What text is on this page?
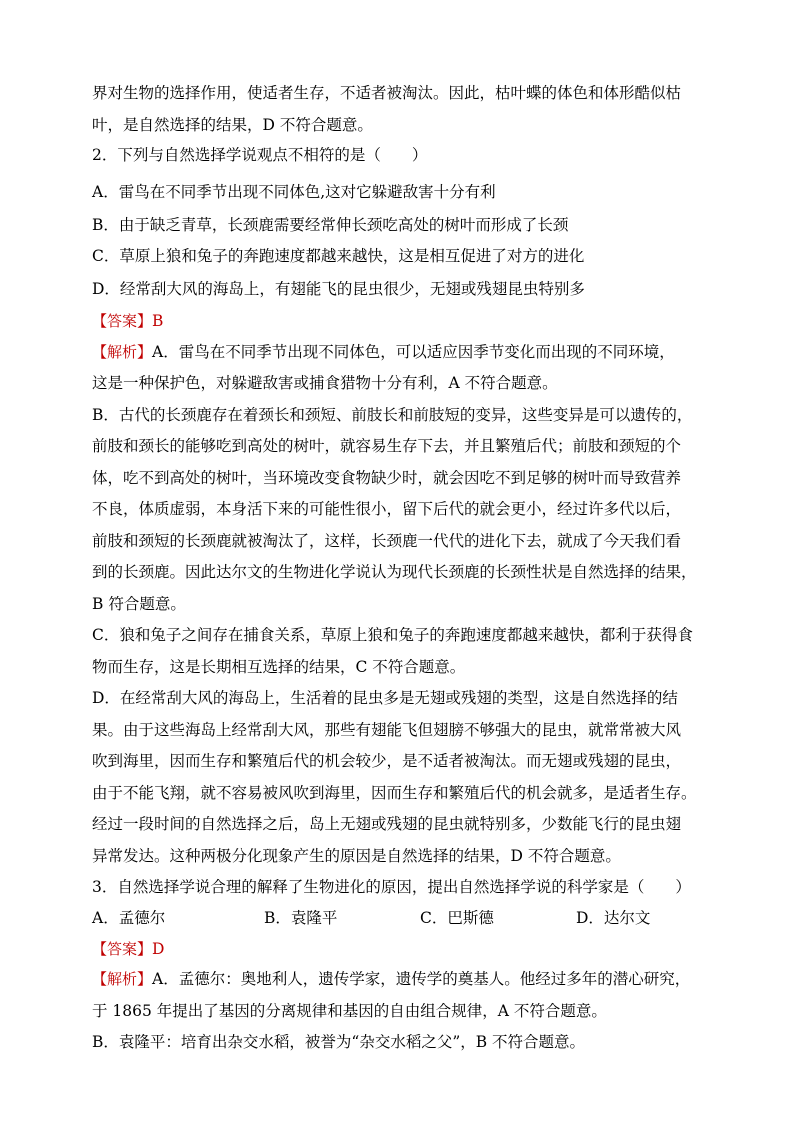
界对生物的选择作用，使适者生存，不适者被淘汰。因此，枯叶蝶的体色和体形酷似枯
叶，是自然选择的结果，D 不符合题意。
2．下列与自然选择学说观点不相符的是（　　）
A．雷鸟在不同季节出现不同体色,这对它躲避敌害十分有利
B．由于缺乏青草，长颈鹿需要经常伸长颈吃高处的树叶而形成了长颈
C．草原上狼和兔子的奔跑速度都越来越快，这是相互促进了对方的进化
D．经常刮大风的海岛上，有翅能飞的昆虫很少，无翅或残翅昆虫特别多
【答案】B
【解析】A．雷鸟在不同季节出现不同体色，可以适应因季节变化而出现的不同环境，
这是一种保护色，对躲避敌害或捕食猎物十分有利，A 不符合题意。
B．古代的长颈鹿存在着颈长和颈短、前肢长和前肢短的变异，这些变异是可以遗传的，
前肢和颈长的能够吃到高处的树叶，就容易生存下去，并且繁殖后代；前肢和颈短的个
体，吃不到高处的树叶，当环境改变食物缺少时，就会因吃不到足够的树叶而导致营养
不良，体质虚弱，本身活下来的可能性很小，留下后代的就会更小，经过许多代以后，
前肢和颈短的长颈鹿就被淘汰了，这样，长颈鹿一代代的进化下去，就成了今天我们看
到的长颈鹿。因此达尔文的生物进化学说认为现代长颈鹿的长颈性状是自然选择的结果，
B 符合题意。
C．狼和兔子之间存在捕食关系，草原上狼和兔子的奔跑速度都越来越快，都利于获得食
物而生存，这是长期相互选择的结果，C 不符合题意。
D．在经常刮大风的海岛上，生活着的昆虫多是无翅或残翅的类型，这是自然选择的结
果。由于这些海岛上经常刮大风，那些有翅能飞但翅膀不够强大的昆虫，就常常被大风
吹到海里，因而生存和繁殖后代的机会较少，是不适者被淘汰。而无翅或残翅的昆虫，
由于不能飞翔，就不容易被风吹到海里，因而生存和繁殖后代的机会就多，是适者生存。
经过一段时间的自然选择之后，岛上无翅或残翅的昆虫就特别多，少数能飞行的昆虫翅
异常发达。这种两极分化现象产生的原因是自然选择的结果，D 不符合题意。
3．自然选择学说合理的解释了生物进化的原因，提出自然选择学说的科学家是（　　）
A．孟德尔	B．袁隆平	C．巴斯德	D．达尔文
【答案】D
【解析】A．孟德尔：奥地利人，遗传学家，遗传学的奠基人。他经过多年的潜心研究，
于 1865 年提出了基因的分离规律和基因的自由组合规律，A 不符合题意。
B．袁隆平：培育出杂交水稻，被誉为“杂交水稻之父”，B 不符合题意。
